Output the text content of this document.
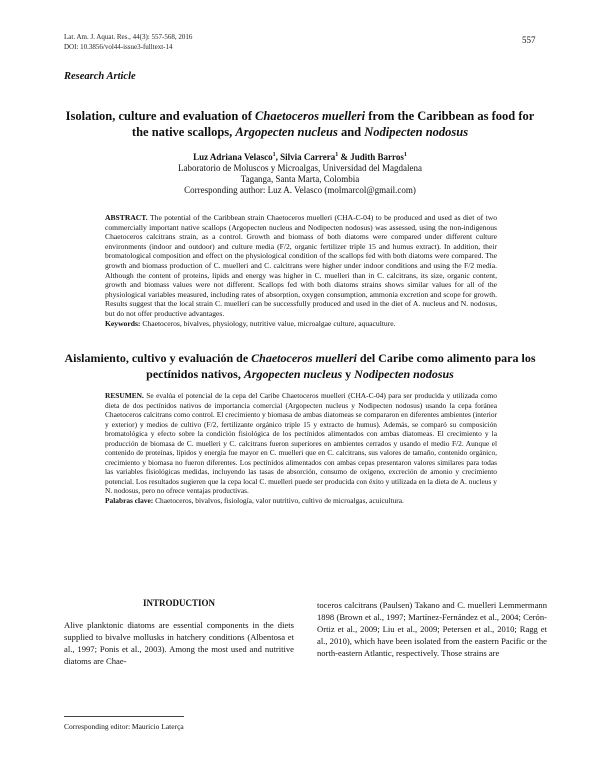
Lat. Am. J. Aquat. Res., 44(3): 557-568, 2016
DOI: 10.3856/vol44-issue3-fulltext-14
557
Research Article
Isolation, culture and evaluation of Chaetoceros muelleri from the Caribbean as food for the native scallops, Argopecten nucleus and Nodipecten nodosus
Luz Adriana Velasco$^1$, Silvia Carrera$^1$ & Judith Barros$^1$
Laboratorio de Moluscos y Microalgas, Universidad del Magdalena
Taganga, Santa Marta, Colombia
Corresponding author: Luz A. Velasco (molmarcol@gmail.com)
ABSTRACT. The potential of the Caribbean strain Chaetoceros muelleri (CHA-C-04) to be produced and used as diet of two commercially important native scallops (Argopecten nucleus and Nodipecten nodosus) was assessed, using the non-indigenous Chaetoceros calcitrans strain, as a control. Growth and biomass of both diatoms were compared under different culture environments (indoor and outdoor) and culture media (F/2, organic fertilizer triple 15 and humus extract). In addition, their bromatological composition and effect on the physiological condition of the scallops fed with both diatoms were compared. The growth and biomass production of C. muelleri and C. calcitrans were higher under indoor conditions and using the F/2 media. Although the content of proteins, lipids and energy was higher in C. muelleri than in C. calcitrans, its size, organic content, growth and biomass values were not different. Scallops fed with both diatoms strains shows similar values for all of the physiological variables measured, including rates of absorption, oxygen consumption, ammonia excretion and scope for growth. Results suggest that the local strain C. muelleri can be successfully produced and used in the diet of A. nucleus and N. nodosus, but do not offer productive advantages.
Keywords: Chaetoceros, bivalves, physiology, nutritive value, microalgae culture, aquaculture.
Aislamiento, cultivo y evaluación de Chaetoceros muelleri del Caribe como alimento para los pectínidos nativos, Argopecten nucleus y Nodipecten nodosus
RESUMEN. Se evalúa el potencial de la cepa del Caribe Chaetoceros muelleri (CHA-C-04) para ser producida y utilizada como dieta de dos pectínidos nativos de importancia comercial (Argopecten nucleus y Nodipecten nodosus) usando la cepa foránea Chaetoceros calcitrans como control. El crecimiento y biomasa de ambas diatomeas se compararon en diferentes ambientes (interior y exterior) y medios de cultivo (F/2, fertilizante orgánico triple 15 y extracto de humus). Además, se comparó su composición bromatológica y efecto sobre la condición fisiológica de los pectínidos alimentados con ambas diatomeas. El crecimiento y la producción de biomasa de C. muelleri y C. calcitrans fueron superiores en ambientes cerrados y usando el medio F/2. Aunque el contenido de proteínas, lípidos y energía fue mayor en C. muelleri que en C. calcitrans, sus valores de tamaño, contenido orgánico, crecimiento y biomasa no fueron diferentes. Los pectínidos alimentados con ambas cepas presentaron valores similares para todas las variables fisiológicas medidas, incluyendo las tasas de absorción, consumo de oxígeno, excreción de amonio y crecimiento potencial. Los resultados sugieren que la cepa local C. muelleri puede ser producida con éxito y utilizada en la dieta de A. nucleus y N. nodosus, pero no ofrece ventajas productivas.
Palabras clave: Chaetoceros, bivalvos, fisiología, valor nutritivo, cultivo de microalgas, acuicultura.
INTRODUCTION
Alive planktonic diatoms are essential components in the diets supplied to bivalve mollusks in hatchery conditions (Albentosa et al., 1997; Ponis et al., 2003). Among the most used and nutritive diatoms are Chae-
toceros calcitrans (Paulsen) Takano and C. muelleri Lemmermann 1898 (Brown et al., 1997; Martínez-Fernández et al., 2004; Cerón-Ortiz et al., 2009; Liu et al., 2009; Petersen et al., 2010; Ragg et al., 2010), which have been isolated from the eastern Pacific or the north-eastern Atlantic, respectively. Those strains are
Corresponding editor: Mauricio Laterça
